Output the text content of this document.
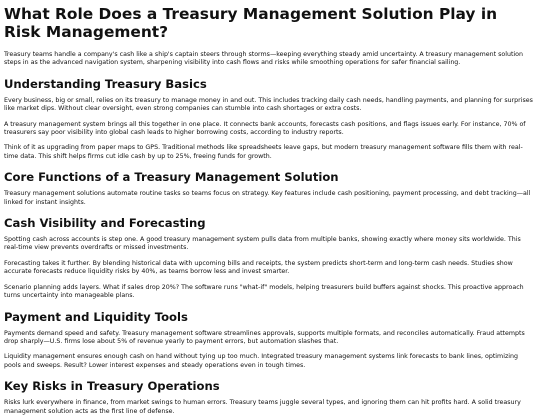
What Role Does a Treasury Management Solution Play in Risk Management?

Treasury teams handle a company's cash like a ship's captain steers through storms—keeping everything steady amid uncertainty. A treasury management solution steps in as the advanced navigation system, sharpening visibility into cash flows and risks while smoothing operations for safer financial sailing.

Understanding Treasury Basics

Every business, big or small, relies on its treasury to manage money in and out. This includes tracking daily cash needs, handling payments, and planning for surprises like market dips. Without clear oversight, even strong companies can stumble into cash shortages or extra costs.

A treasury management system brings all this together in one place. It connects bank accounts, forecasts cash positions, and flags issues early. For instance, 70% of treasurers say poor visibility into global cash leads to higher borrowing costs, according to industry reports.

Think of it as upgrading from paper maps to GPS. Traditional methods like spreadsheets leave gaps, but modern treasury management software fills them with real-time data. This shift helps firms cut idle cash by up to 25%, freeing funds for growth.

Core Functions of a Treasury Management Solution

Treasury management solutions automate routine tasks so teams focus on strategy. Key features include cash positioning, payment processing, and debt tracking—all linked for instant insights.

Cash Visibility and Forecasting

Spotting cash across accounts is step one. A good treasury management system pulls data from multiple banks, showing exactly where money sits worldwide. This real-time view prevents overdrafts or missed investments.

Forecasting takes it further. By blending historical data with upcoming bills and receipts, the system predicts short-term and long-term cash needs. Studies show accurate forecasts reduce liquidity risks by 40%, as teams borrow less and invest smarter.

Scenario planning adds layers. What if sales drop 20%? The software runs "what-if" models, helping treasurers build buffers against shocks. This proactive approach turns uncertainty into manageable plans.

Payment and Liquidity Tools

Payments demand speed and safety. Treasury management software streamlines approvals, supports multiple formats, and reconciles automatically. Fraud attempts drop sharply—U.S. firms lose about 5% of revenue yearly to payment errors, but automation slashes that.

Liquidity management ensures enough cash on hand without tying up too much. Integrated treasury management systems link forecasts to bank lines, optimizing pools and sweeps. Result? Lower interest expenses and steady operations even in tough times.

Key Risks in Treasury Operations

Risks lurk everywhere in finance, from market swings to human errors. Treasury teams juggle several types, and ignoring them can hit profits hard. A solid treasury management solution acts as the first line of defense.
